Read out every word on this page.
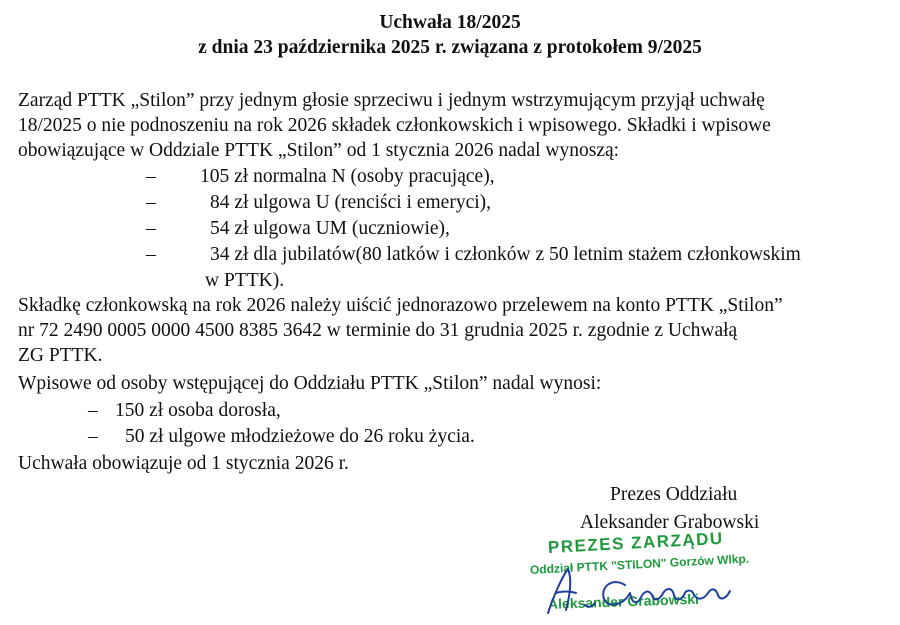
Uchwała 18/2025
z dnia 23 października 2025 r. związana z protokołem 9/2025
Zarząd PTTK „Stilon” przy jednym głosie sprzeciwu i jednym wstrzymującym przyjął uchwałę
18/2025 o nie podnoszeniu na rok 2026 składek członkowskich i wpisowego. Składki i wpisowe
obowiązujące w Oddziale PTTK „Stilon” od 1 stycznia 2026 nadal wynoszą:
– 105 zł normalna N (osoby pracujące),
–	84 zł ulgowa U (renciści i emeryci),
–	54 zł ulgowa UM (uczniowie),
–	34 zł dla jubilatów(80 latków i członków z 50 letnim stażem członkowskim
w PTTK).
Składkę członkowską na rok 2026 należy uiścić jednorazowo przelewem na konto PTTK „Stilon”
nr 72 2490 0005 0000 4500 8385 3642 w terminie do 31 grudnia 2025 r. zgodnie z Uchwałą
ZG PTTK.
Wpisowe od osoby wstępującej do Oddziału PTTK „Stilon” nadal wynosi:
– 150 zł osoba dorosła,
– 50 zł ulgowe młodzieżowe do 26 roku życia.
Uchwała obowiązuje od 1 stycznia 2026 r.
Prezes Oddziału
Aleksander Grabowski
PREZES ZARZĄDU
Oddział PTTK "STILON" Gorzów Wlkp.
Aleksander Grabowski
